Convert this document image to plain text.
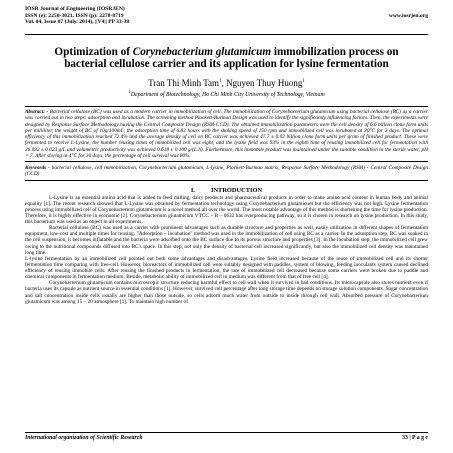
IOSR Journal of Engineering (IOSRJEN)
ISSN (e): 2250-3021, ISSN (p): 2278-8719
Vol. 04, Issue 07 (July. 2014), ||V4|| PP 33-38
www.iosrjen.org
Optimization of Corynebacterium glutamicum immobilization process on bacterial cellulose carrier and its application for lysine fermentation
Tran Thi Minh Tam$^1$, Nguyen Thuy Huong$^1$
$^1$Department of Biotechnology, Ho Chi Minh City University of Technology, Vietnam

Abstract: - Bacterial cellulose (BC) was used as a modern carrier in immobilization of cell. The immobilization of Corynebacterium glutamicum using bacterial cellulose (BC) as a carrier was carried out in two steps: adsorption and incubation. The screening method Plackett-Burman Design was used to identify the significantly influencing factors. Then, the experiments were designed by Response Surface Methodology having the Central Composite Design (RSM-CCD). The obtained immobilization parameters were the cell density of 6.6 billion clone form units per milliliter, the weight of BC of 10g/100mL, the adsorption time of 6.82 hours with the shaking speed of 150 rpm and immobilized cell was incubated at 30°C for 3 days. The optimal efficiency of this immobilization reached 72.4% and the average density of cell on BC carrier was achieved 47.7 ± 0.02 billion clone form units per gram of finished product. These were fermented to receive L-Lysine, the number reusing times of immobilized cell was eight, and the lysine field was 93% in the eighth time of reusing immobilized cell for fermentation with 26.032 ± 0.023 g/L and volumetric productivity was achieved 0.618 ± 0.100 g/(L.h). Furthermore, this immobile product was maintained under the suitable condition in the sterile water, pH = 7. After storing at 4°C for 30 days, the percentage of cell survival was 80%.

Keywords - bacterial cellulose, cell immobilization, Corynebacterium glutamicum, L-lysine, Plackett-Burman matrix, Response Surface Methodology (RSM) - Central Composite Design (CCD)

I.          INTRODUCTION

L-Lysine is an essential amino acid that is added to feed milling, dairy products and pharmaceutical products in order to make amino acid content in human body and animal equality [1]. The recent research showed that L-Lysine was obtained by fermentation technology using Corynebacterium glutamicum but the efficiency was not high. Lysine fermentation process using immobilized cell of Corynebacterium glutamicum is a novel method all over the world. The most notable advantage of this method is shortening the time for lysine production. Therefore, it is highly effective in economic [2]. Corynebacterium glutamicum VTCC – B – 0632 has overproducing pathway, so it is chosen in research on lysine production. In this study, this bacterium was used as an object in all experiments.

Bacterial cellulose (BC) was used as a carrier with prominent advantages such as durable structure and properties as well, easily utilization in different shapes of fermentation equipment, low-cost and multiple times for reusing. "Adsorption – incubation" method was used in the immobilization of cell using BC as a carrier. In the adsorption step, BC was soaked in the cell suspension, it becomes inflatable and the bacteria were adsorbed onto the BC surface due to its porous structure and properties [3]. In the incubation step, the immobilized cell grew owing to the nutritional compounds diffused into BC's space. In this step, not only the density of bacterial cell increased significantly, but also the immobilized cell density was maintained long time.

L-lysine fermentation by an immobilized cell pointed out both some advantages and disadvantages. Lysine field increased because of the reuse of immobilized cell and its shorter fermentation time comparing with free-cell. However, bioreactors of immobilized cell were suitably designed with paddles, system of blowing, feeding inoculants system caused declined efficiency of reusing immobile cells. After reusing the finished products in fermentation, the rate of immobilized cell decreased because some carriers were broken due to paddle and chemical components in fermentation medium. Beside, metabolic ability of immobilized cell in medium was different from that of free cell [4].

Corynebacterium glutamicum contains microscopic structure reducing harmful effect to cell wall when it survived in bad conditions. Its microcapsule also stores nutrient even if bacteria uses its capsule as nutrient source in essential conditions [1]. However, survived cell percentage after long storage time depends on storage solution components. Sugar concentration and salt concentration inside cells usually are higher than those outside, so cells adsorb much water from outside to inside through cell wall. Absorbed pressure of Corynebacterium glutamicum was among 15 – 20 atmosphere [1]. To maintain high number of

International organization of Scientific Research	33 | P a g e
